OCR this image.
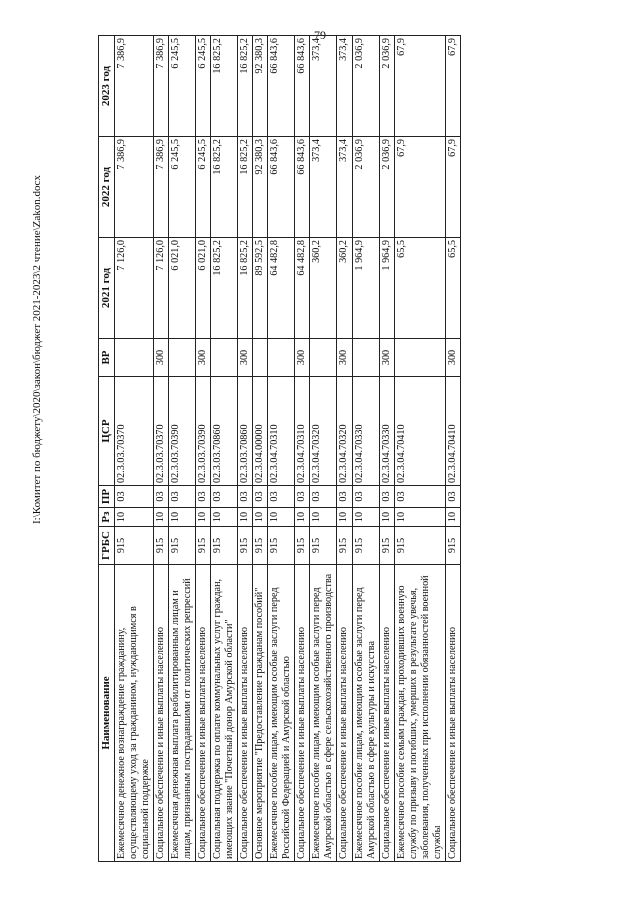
79
Наименование	ГРБС	Рз	ПР	ЦСР	ВР	2021 год	2022 год	2023 год
Ежемесячное денежное вознаграждение гражданину, осуществляющему уход за гражданином, нуждающимся в социальной поддержке	915	10	03	02.3.03.70370		7 126,0	7 386,9	7 386,9
Социальное обеспечение и иные выплаты населению	915	10	03	02.3.03.70370	300	7 126,0	7 386,9	7 386,9
Ежемесячная денежная выплата реабилитированным лицам и лицам, признанным пострадавшими от политических репрессий	915	10	03	02.3.03.70390		6 021,0	6 245,5	6 245,5
Социальное обеспечение и иные выплаты населению	915	10	03	02.3.03.70390	300	6 021,0	6 245,5	6 245,5
Социальная поддержка по оплате коммунальных услуг граждан, имеющих звание "Почетный донор Амурской области"	915	10	03	02.3.03.70860		16 825,2	16 825,2	16 825,2
Социальное обеспечение и иные выплаты населению	915	10	03	02.3.03.70860	300	16 825,2	16 825,2	16 825,2
Основное мероприятие "Предоставление гражданам пособий"	915	10	03	02.3.04.00000		89 592,5	92 380,3	92 380,3
Ежемесячное пособие лицам, имеющим особые заслуги перед Российской Федерацией и Амурской областью	915	10	03	02.3.04.70310		64 482,8	66 843,6	66 843,6
Социальное обеспечение и иные выплаты населению	915	10	03	02.3.04.70310	300	64 482,8	66 843,6	66 843,6
Ежемесячное пособие лицам, имеющим особые заслуги перед Амурской областью в сфере сельскохозяйственного производства	915	10	03	02.3.04.70320		360,2	373,4	373,4
Социальное обеспечение и иные выплаты населению	915	10	03	02.3.04.70320	300	360,2	373,4	373,4
Ежемесячное пособие лицам, имеющим особые заслуги перед Амурской областью в сфере культуры и искусства	915	10	03	02.3.04.70330		1 964,9	2 036,9	2 036,9
Социальное обеспечение и иные выплаты населению	915	10	03	02.3.04.70330	300	1 964,9	2 036,9	2 036,9
Ежемесячное пособие семьям граждан, проходивших военную службу по призыву и погибших, умерших в результате увечья, заболевания, полученных при исполнении обязанностей военной службы	915	10	03	02.3.04.70410		65,5	67,9	67,9
Социальное обеспечение и иные выплаты населению	915	10	03	02.3.04.70410	300	65,5	67,9	67,9
I:\Комитет по бюджету\2020\закон\бюджет 2021-2023\2 чтение\Zakon.docx
